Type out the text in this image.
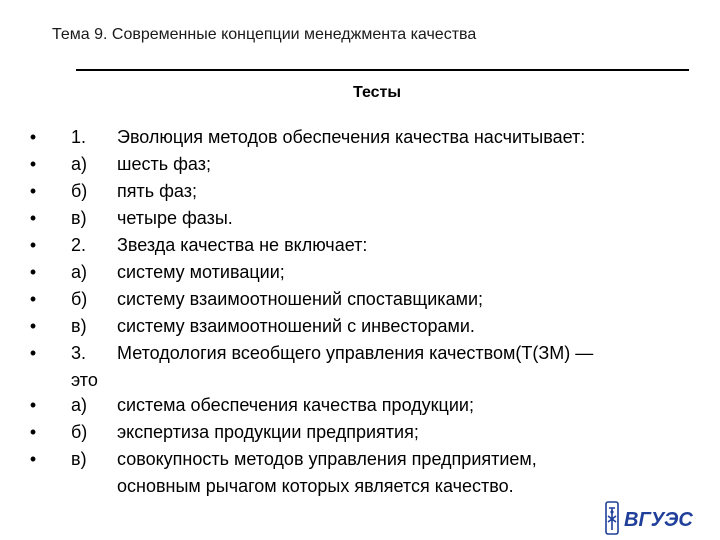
Тема 9. Современные концепции менеджмента качества
Тесты
• 1. Эволюция методов обеспечения качества насчитывает:
• а) шесть фаз;
• б) пять фаз;
• в) четыре фазы.
• 2. Звезда качества не включает:
• а) систему мотивации;
• б) систему взаимоотношений споставщиками;
• в) систему взаимоотношений с инвесторами.
• 3. Методология всеобщего управления качеством(Т(ЗМ) —
это
• а) система обеспечения качества продукции;
• б) экспертиза продукции предприятия;
• в) совокупность методов управления предприятием,
основным рычагом которых является качество.
ВГУЭС
